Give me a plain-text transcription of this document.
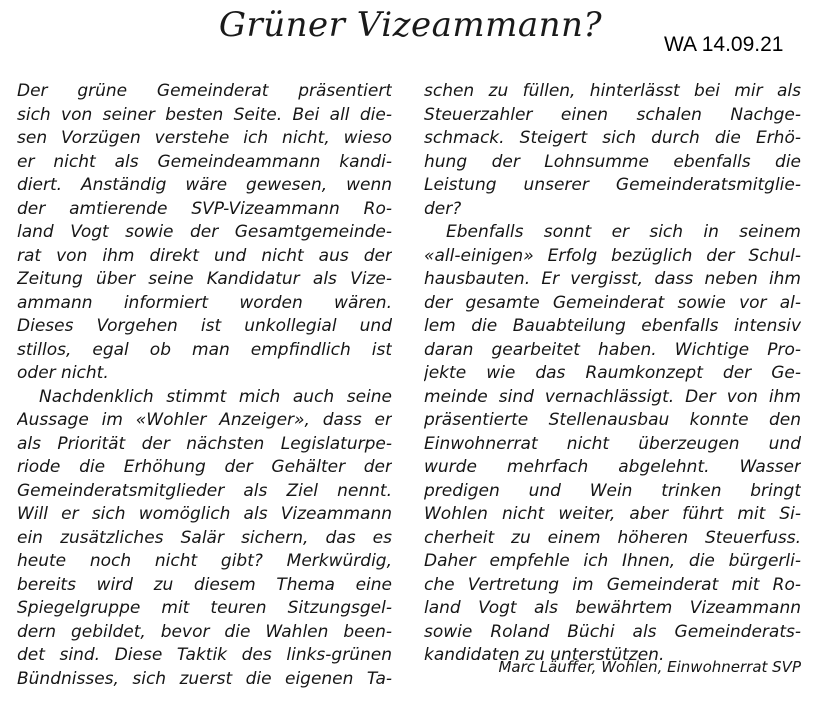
Grüner Vizeammann?	WA 14.09.21
Der grüne Gemeinderat präsentiert
sich von seiner besten Seite. Bei all die-
sen Vorzügen verstehe ich nicht, wieso
er nicht als Gemeindeammann kandi-
diert. Anständig wäre gewesen, wenn
der amtierende SVP-Vizeammann Ro-
land Vogt sowie der Gesamtgemeinde-
rat von ihm direkt und nicht aus der
Zeitung über seine Kandidatur als Vize-
ammann informiert worden wären.
Dieses Vorgehen ist unkollegial und
stillos, egal ob man empfindlich ist
oder nicht.
Nachdenklich stimmt mich auch seine
Aussage im «Wohler Anzeiger», dass er
als Priorität der nächsten Legislaturpe-
riode die Erhöhung der Gehälter der
Gemeinderatsmitglieder als Ziel nennt.
Will er sich womöglich als Vizeammann
ein zusätzliches Salär sichern, das es
heute noch nicht gibt? Merkwürdig,
bereits wird zu diesem Thema eine
Spiegelgruppe mit teuren Sitzungsgel-
dern gebildet, bevor die Wahlen been-
det sind. Diese Taktik des links-grünen
Bündnisses, sich zuerst die eigenen Ta-
schen zu füllen, hinterlässt bei mir als
Steuerzahler einen schalen Nachge-
schmack. Steigert sich durch die Erhö-
hung der Lohnsumme ebenfalls die
Leistung unserer Gemeinderatsmitglie-
der?
Ebenfalls sonnt er sich in seinem
«all-einigen» Erfolg bezüglich der Schul-
hausbauten. Er vergisst, dass neben ihm
der gesamte Gemeinderat sowie vor al-
lem die Bauabteilung ebenfalls intensiv
daran gearbeitet haben. Wichtige Pro-
jekte wie das Raumkonzept der Ge-
meinde sind vernachlässigt. Der von ihm
präsentierte Stellenausbau konnte den
Einwohnerrat nicht überzeugen und
wurde mehrfach abgelehnt. Wasser
predigen und Wein trinken bringt
Wohlen nicht weiter, aber führt mit Si-
cherheit zu einem höheren Steuerfuss.
Daher empfehle ich Ihnen, die bürgerli-
che Vertretung im Gemeinderat mit Ro-
land Vogt als bewährtem Vizeammann
sowie Roland Büchi als Gemeinderats-
kandidaten zu unterstützen.
Marc Läuffer, Wohlen, Einwohnerrat SVP
